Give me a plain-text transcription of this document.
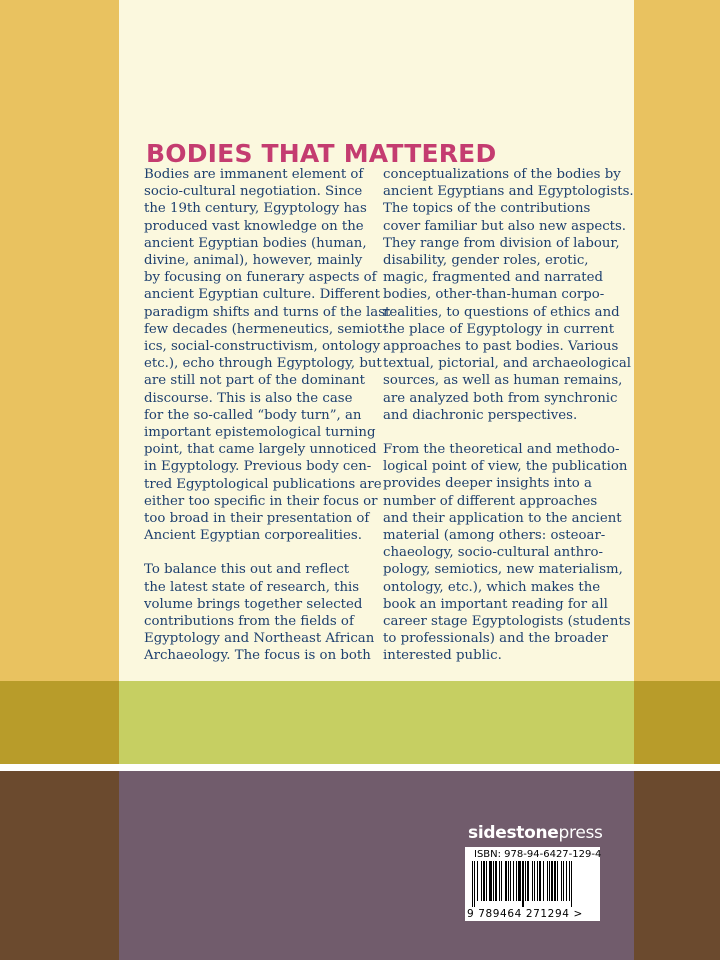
BODIES THAT MATTERED

Bodies are immanent element of
socio-cultural negotiation. Since
the 19th century, Egyptology has
produced vast knowledge on the
ancient Egyptian bodies (human,
divine, animal), however, mainly
by focusing on funerary aspects of
ancient Egyptian culture. Different
paradigm shifts and turns of the last
few decades (hermeneutics, semiot-
ics, social-constructivism, ontology
etc.), echo through Egyptology, but
are still not part of the dominant
discourse. This is also the case
for the so-called “body turn”, an
important epistemological turning
point, that came largely unnoticed
in Egyptology. Previous body cen-
tred Egyptological publications are
either too specific in their focus or
too broad in their presentation of
Ancient Egyptian corporealities.

To balance this out and reflect
the latest state of research, this
volume brings together selected
contributions from the fields of
Egyptology and Northeast African
Archaeology. The focus is on both

conceptualizations of the bodies by
ancient Egyptians and Egyptologists.
The topics of the contributions
cover familiar but also new aspects.
They range from division of labour,
disability, gender roles, erotic,
magic, fragmented and narrated
bodies, other-than-human corpo-
realities, to questions of ethics and
the place of Egyptology in current
approaches to past bodies. Various
textual, pictorial, and archaeological
sources, as well as human remains,
are analyzed both from synchronic
and diachronic perspectives.

From the theoretical and methodo-
logical point of view, the publication
provides deeper insights into a
number of different approaches
and their application to the ancient
material (among others: osteoar-
chaeology, socio-cultural anthro-
pology, semiotics, new materialism,
ontology, etc.), which makes the
book an important reading for all
career stage Egyptologists (students
to professionals) and the broader
interested public.

sidestonepress
ISBN: 978-94-6427-129-4
9 789464 271294 >
